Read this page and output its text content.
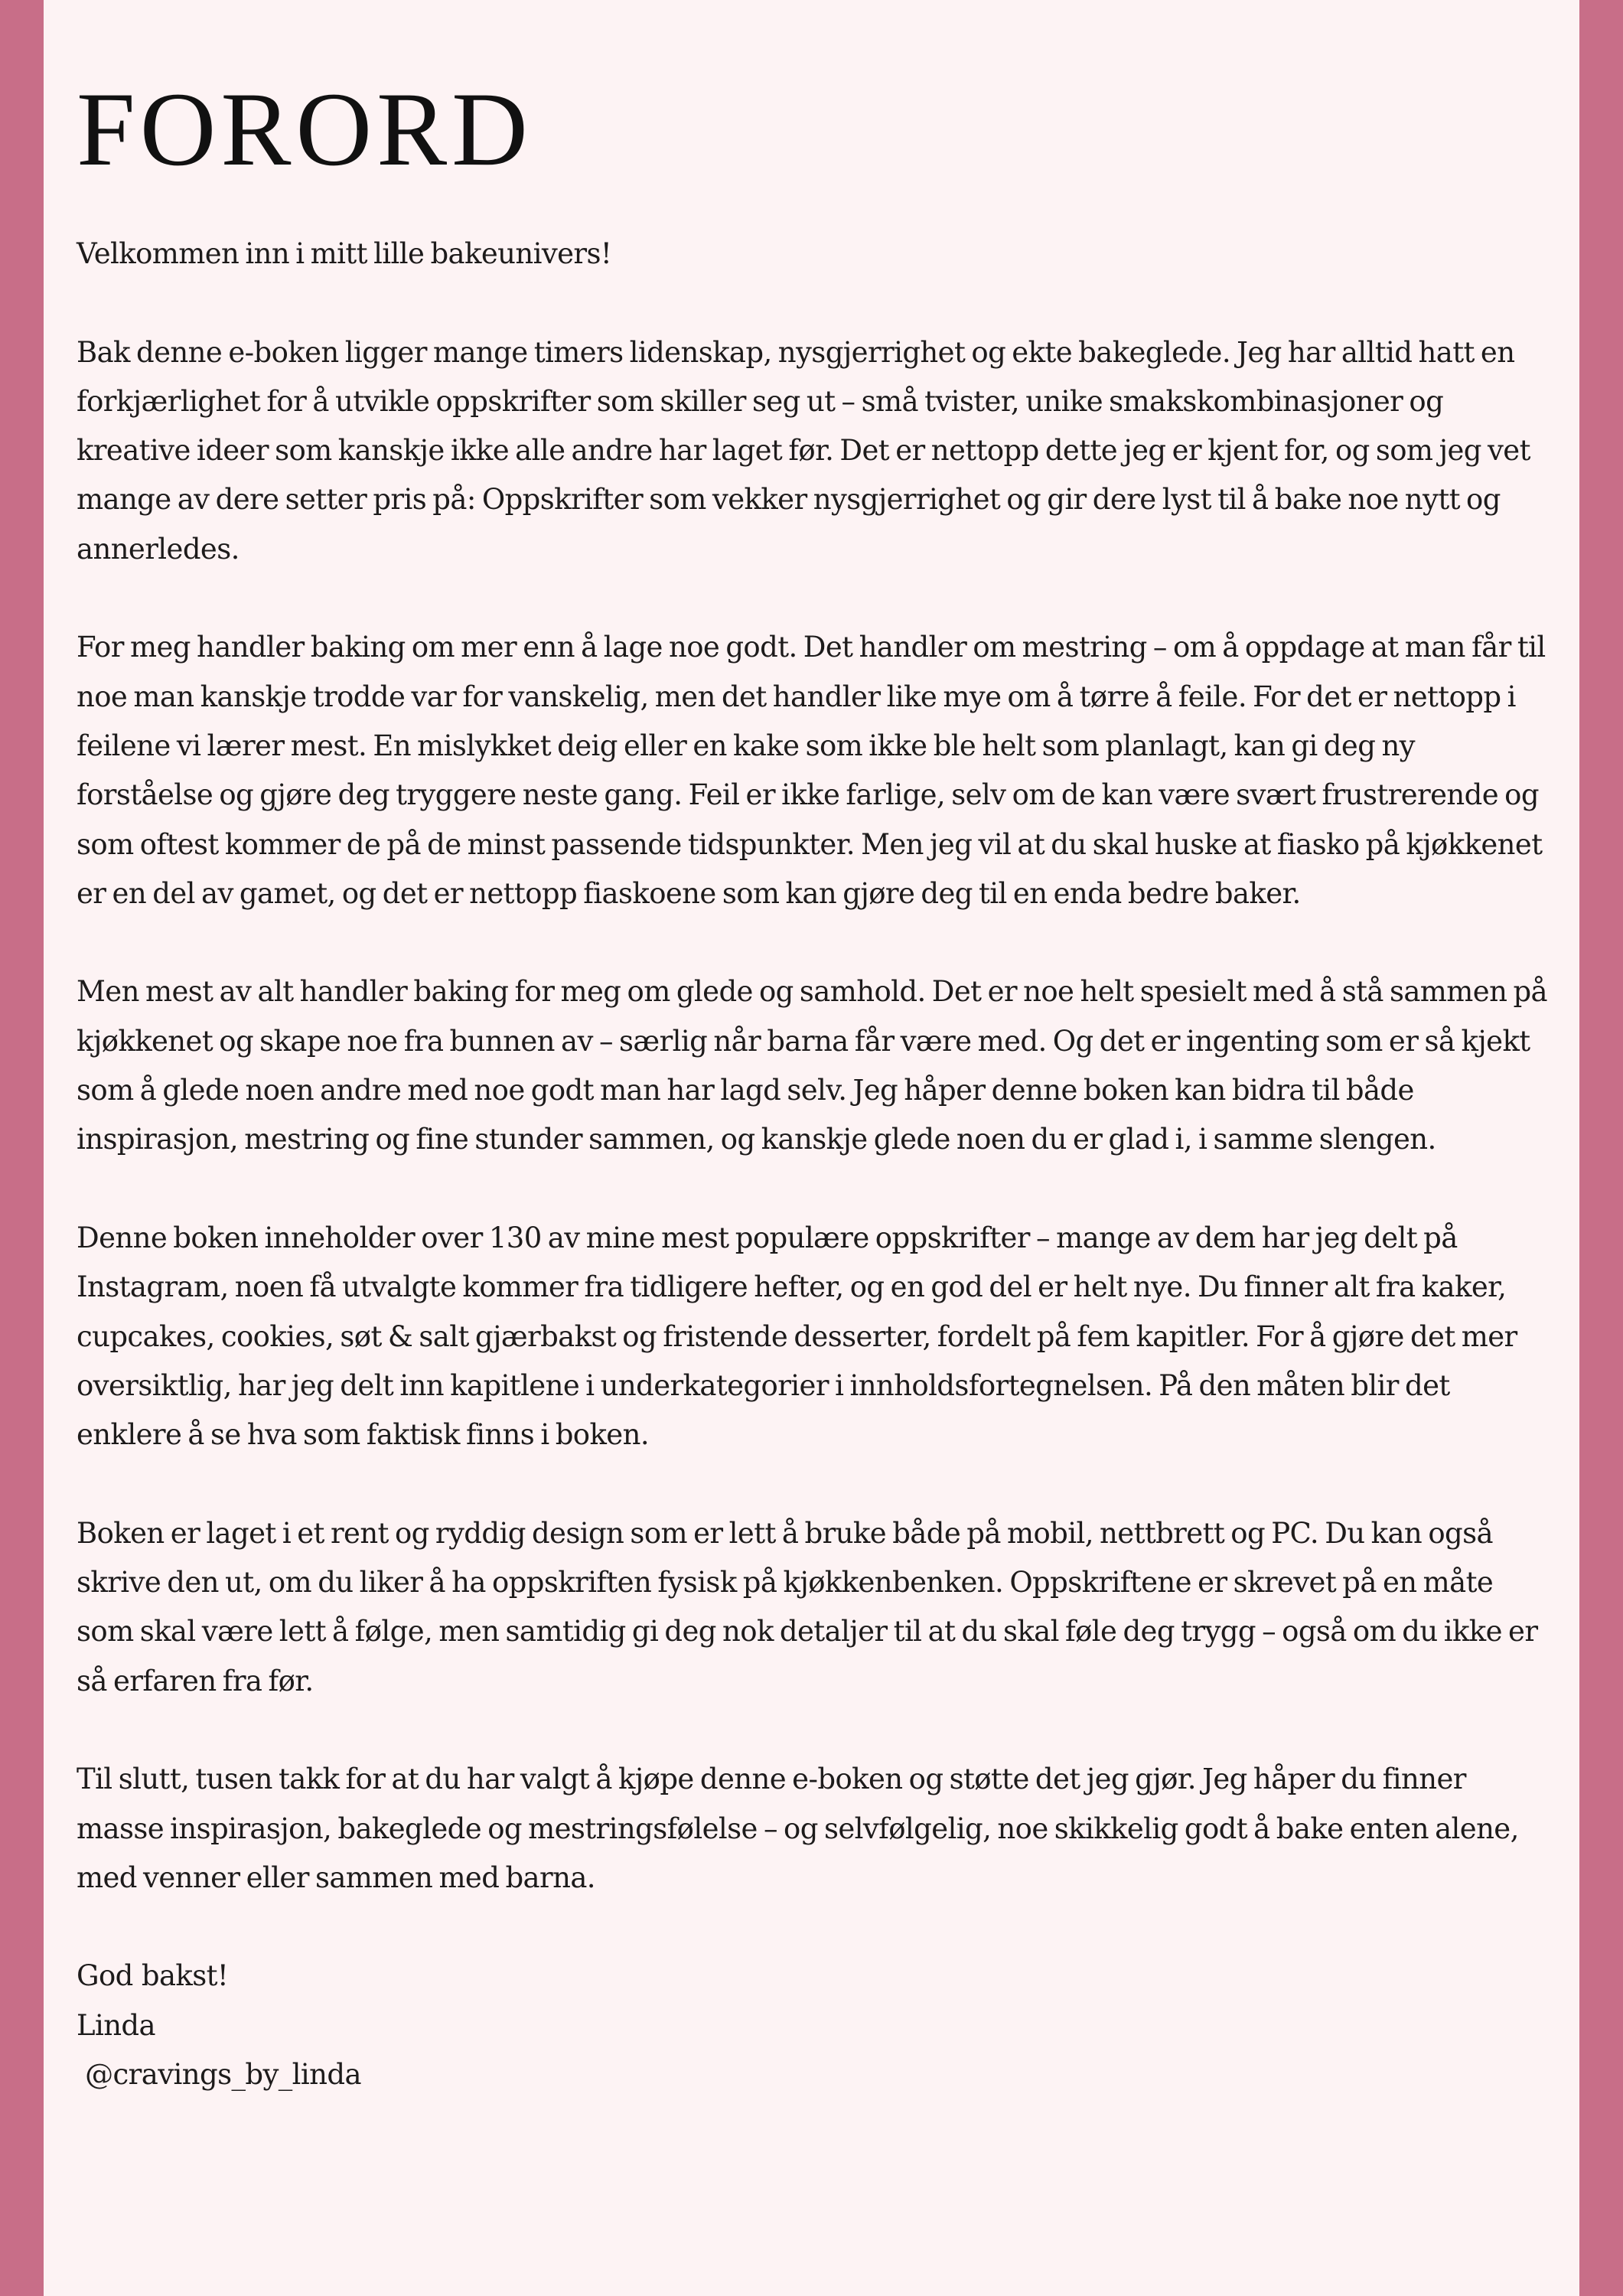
FORORD

Velkommen inn i mitt lille bakeunivers!

Bak denne e-boken ligger mange timers lidenskap, nysgjerrighet og ekte bakeglede. Jeg har alltid hatt en forkjærlighet for å utvikle oppskrifter som skiller seg ut – små tvister, unike smakskombinasjoner og kreative ideer som kanskje ikke alle andre har laget før. Det er nettopp dette jeg er kjent for, og som jeg vet mange av dere setter pris på: Oppskrifter som vekker nysgjerrighet og gir dere lyst til å bake noe nytt og annerledes.

For meg handler baking om mer enn å lage noe godt. Det handler om mestring – om å oppdage at man får til noe man kanskje trodde var for vanskelig, men det handler like mye om å tørre å feile. For det er nettopp i feilene vi lærer mest. En mislykket deig eller en kake som ikke ble helt som planlagt, kan gi deg ny forståelse og gjøre deg tryggere neste gang. Feil er ikke farlige, selv om de kan være svært frustrerende og som oftest kommer de på de minst passende tidspunkter. Men jeg vil at du skal huske at fiasko på kjøkkenet er en del av gamet, og det er nettopp fiaskoene som kan gjøre deg til en enda bedre baker.

Men mest av alt handler baking for meg om glede og samhold. Det er noe helt spesielt med å stå sammen på kjøkkenet og skape noe fra bunnen av – særlig når barna får være med. Og det er ingenting som er så kjekt som å glede noen andre med noe godt man har lagd selv. Jeg håper denne boken kan bidra til både inspirasjon, mestring og fine stunder sammen, og kanskje glede noen du er glad i, i samme slengen.

Denne boken inneholder over 130 av mine mest populære oppskrifter – mange av dem har jeg delt på Instagram, noen få utvalgte kommer fra tidligere hefter, og en god del er helt nye. Du finner alt fra kaker, cupcakes, cookies, søt & salt gjærbakst og fristende desserter, fordelt på fem kapitler. For å gjøre det mer oversiktlig, har jeg delt inn kapitlene i underkategorier i innholdsfortegnelsen. På den måten blir det enklere å se hva som faktisk finns i boken.

Boken er laget i et rent og ryddig design som er lett å bruke både på mobil, nettbrett og PC. Du kan også skrive den ut, om du liker å ha oppskriften fysisk på kjøkkenbenken. Oppskriftene er skrevet på en måte som skal være lett å følge, men samtidig gi deg nok detaljer til at du skal føle deg trygg – også om du ikke er så erfaren fra før.

Til slutt, tusen takk for at du har valgt å kjøpe denne e-boken og støtte det jeg gjør. Jeg håper du finner masse inspirasjon, bakeglede og mestringsfølelse – og selvfølgelig, noe skikkelig godt å bake enten alene, med venner eller sammen med barna.

God bakst!
Linda
@cravings_by_linda
